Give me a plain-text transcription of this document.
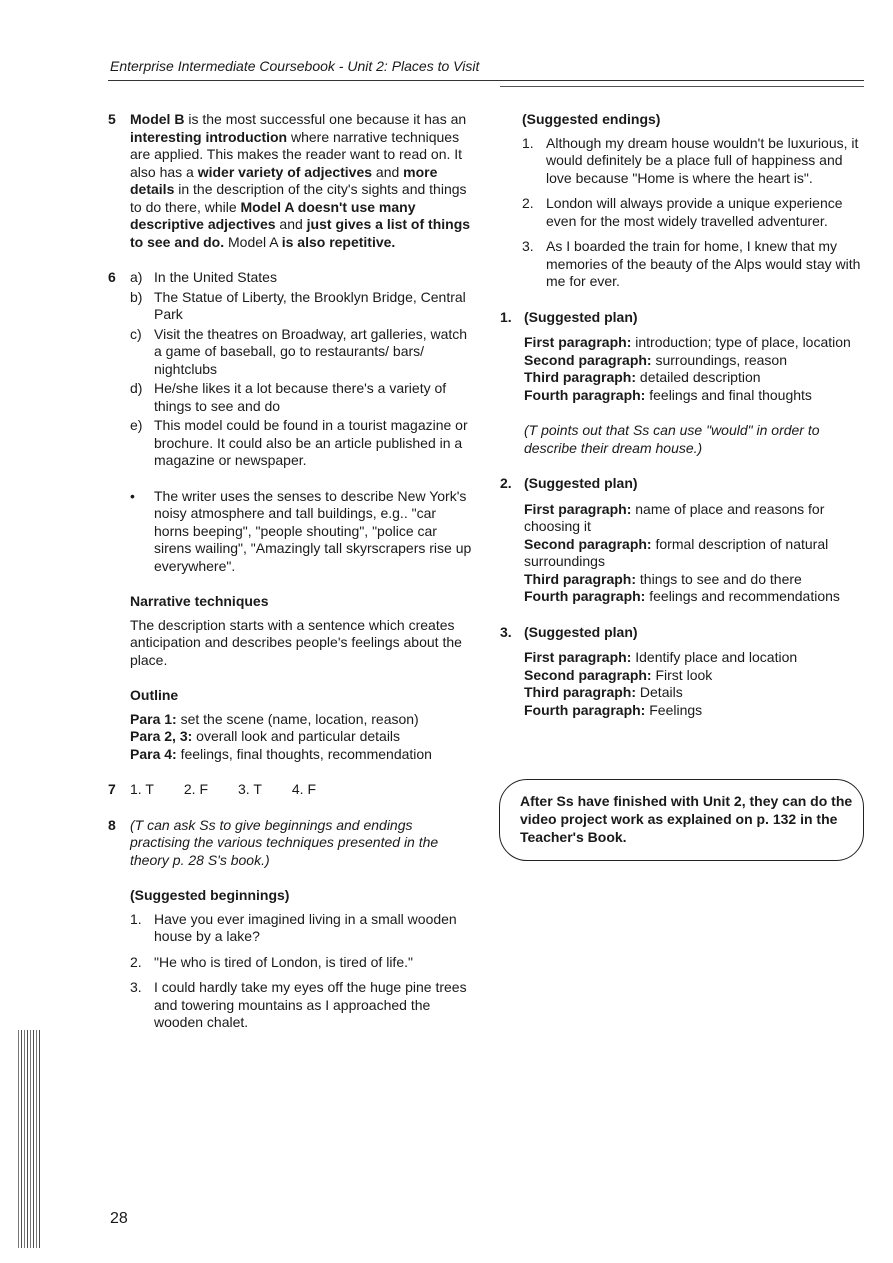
Enterprise Intermediate Coursebook - Unit 2: Places to Visit
5 Model B is the most successful one because it has an interesting introduction where narrative techniques are applied. This makes the reader want to read on. It also has a wider variety of adjectives and more details in the description of the city's sights and things to do there, while Model A doesn't use many descriptive adjectives and just gives a list of things to see and do. Model A is also repetitive.

6 a) In the United States
b) The Statue of Liberty, the Brooklyn Bridge, Central Park
c) Visit the theatres on Broadway, art galleries, watch a game of baseball, go to restaurants/ bars/ nightclubs
d) He/she likes it a lot because there's a variety of things to see and do
e) This model could be found in a tourist magazine or brochure. It could also be an article published in a magazine or newspaper.
• The writer uses the senses to describe New York's noisy atmosphere and tall buildings, e.g.. "car horns beeping", "people shouting", "police car sirens wailing", "Amazingly tall skyrscrapers rise up everywhere".

Narrative techniques

The description starts with a sentence which creates anticipation and describes people's feelings about the place.

Outline

Para 1: set the scene (name, location, reason)
Para 2, 3: overall look and particular details
Para 4: feelings, final thoughts, recommendation
7 1. T 2. F 3. T 4. F
8 (T can ask Ss to give beginnings and endings practising the various techniques presented in the theory p. 28 S's book.)

(Suggested beginnings)

1. Have you ever imagined living in a small wooden house by a lake?
2. "He who is tired of London, is tired of life."
3. I could hardly take my eyes off the huge pine trees and towering mountains as I approached the wooden chalet.

(Suggested endings)

1. Although my dream house wouldn't be luxurious, it would definitely be a place full of happiness and love because "Home is where the heart is".
2. London will always provide a unique experience even for the most widely travelled adventurer.
3. As I boarded the train for home, I knew that my memories of the beauty of the Alps would stay with me for ever.
1. (Suggested plan)

First paragraph: introduction; type of place, location
Second paragraph: surroundings, reason
Third paragraph: detailed description
Fourth paragraph: feelings and final thoughts

(T points out that Ss can use "would" in order to describe their dream house.)

2. (Suggested plan)

First paragraph: name of place and reasons for choosing it
Second paragraph: formal description of natural surroundings
Third paragraph: things to see and do there
Fourth paragraph: feelings and recommendations
3. (Suggested plan)

First paragraph: Identify place and location
Second paragraph: First look
Third paragraph: Details
Fourth paragraph: Feelings
After Ss have finished with Unit 2, they can do the video project work as explained on p. 132 in the Teacher's Book.
28
